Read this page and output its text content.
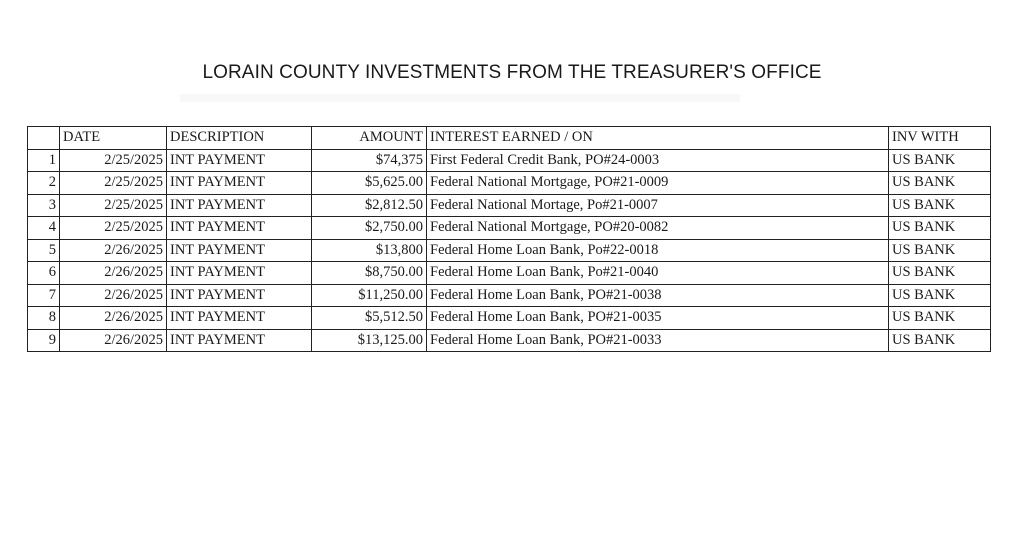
LORAIN COUNTY INVESTMENTS FROM THE TREASURER'S OFFICE
	DATE	DESCRIPTION	AMOUNT	INTEREST EARNED / ON	INV WITH
1	2/25/2025	INT PAYMENT	$74,375	First Federal Credit Bank, PO#24-0003	US BANK
2	2/25/2025	INT PAYMENT	$5,625.00	Federal National Mortgage, PO#21-0009	US BANK
3	2/25/2025	INT PAYMENT	$2,812.50	Federal National Mortage, Po#21-0007	US BANK
4	2/25/2025	INT PAYMENT	$2,750.00	Federal National Mortgage, PO#20-0082	US BANK
5	2/26/2025	INT PAYMENT	$13,800	Federal Home Loan Bank, Po#22-0018	US BANK
6	2/26/2025	INT PAYMENT	$8,750.00	Federal Home Loan Bank, Po#21-0040	US BANK
7	2/26/2025	INT PAYMENT	$11,250.00	Federal Home Loan Bank, PO#21-0038	US BANK
8	2/26/2025	INT PAYMENT	$5,512.50	Federal Home Loan Bank, PO#21-0035	US BANK
9	2/26/2025	INT PAYMENT	$13,125.00	Federal Home Loan Bank, PO#21-0033	US BANK
